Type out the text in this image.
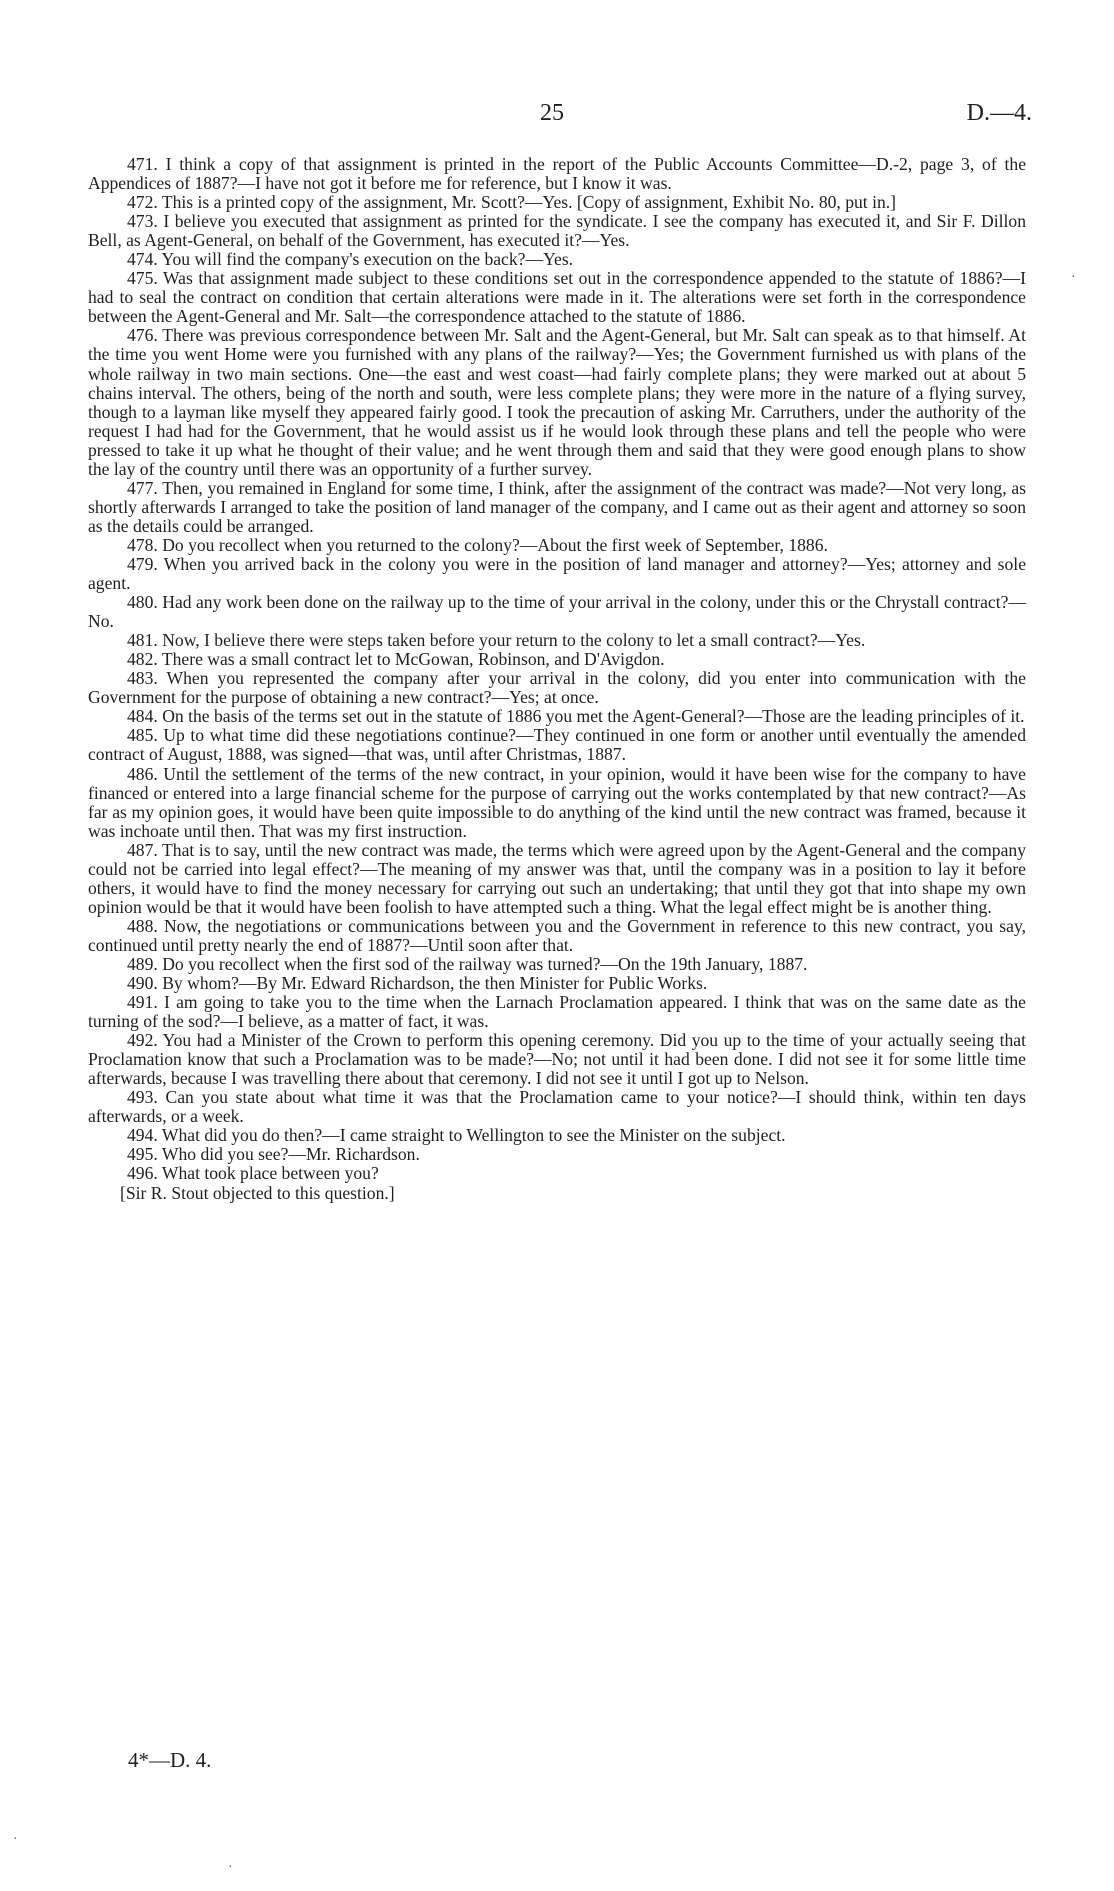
25	D.—4.

471. I think a copy of that assignment is printed in the report of the Public Accounts Committee—D.-2, page 3, of the Appendices of 1887?—I have not got it before me for reference, but I know it was.

472. This is a printed copy of the assignment, Mr. Scott?—Yes. [Copy of assignment, Exhibit No. 80, put in.]

473. I believe you executed that assignment as printed for the syndicate. I see the company has executed it, and Sir F. Dillon Bell, as Agent-General, on behalf of the Government, has executed it?—Yes.

474. You will find the company's execution on the back?—Yes.

475. Was that assignment made subject to these conditions set out in the correspondence appended to the statute of 1886?—I had to seal the contract on condition that certain alterations were made in it. The alterations were set forth in the correspondence between the Agent-General and Mr. Salt—the correspondence attached to the statute of 1886.

476. There was previous correspondence between Mr. Salt and the Agent-General, but Mr. Salt can speak as to that himself. At the time you went Home were you furnished with any plans of the railway?—Yes; the Government furnished us with plans of the whole railway in two main sections. One—the east and west coast—had fairly complete plans; they were marked out at about 5 chains interval. The others, being of the north and south, were less complete plans; they were more in the nature of a flying survey, though to a layman like myself they appeared fairly good. I took the precaution of asking Mr. Carruthers, under the authority of the request I had had for the Government, that he would assist us if he would look through these plans and tell the people who were pressed to take it up what he thought of their value; and he went through them and said that they were good enough plans to show the lay of the country until there was an opportunity of a further survey.

477. Then, you remained in England for some time, I think, after the assignment of the contract was made?—Not very long, as shortly afterwards I arranged to take the position of land manager of the company, and I came out as their agent and attorney so soon as the details could be arranged.

478. Do you recollect when you returned to the colony?—About the first week of September, 1886.

479. When you arrived back in the colony you were in the position of land manager and attorney?—Yes; attorney and sole agent.

480. Had any work been done on the railway up to the time of your arrival in the colony, under this or the Chrystall contract?—No.

481. Now, I believe there were steps taken before your return to the colony to let a small contract?—Yes.

482. There was a small contract let to McGowan, Robinson, and D'Avigdon.

483. When you represented the company after your arrival in the colony, did you enter into communication with the Government for the purpose of obtaining a new contract?—Yes; at once.

484. On the basis of the terms set out in the statute of 1886 you met the Agent-General?—Those are the leading principles of it.

485. Up to what time did these negotiations continue?—They continued in one form or another until eventually the amended contract of August, 1888, was signed—that was, until after Christmas, 1887.

486. Until the settlement of the terms of the new contract, in your opinion, would it have been wise for the company to have financed or entered into a large financial scheme for the purpose of carrying out the works contemplated by that new contract?—As far as my opinion goes, it would have been quite impossible to do anything of the kind until the new contract was framed, because it was inchoate until then. That was my first instruction.

487. That is to say, until the new contract was made, the terms which were agreed upon by the Agent-General and the company could not be carried into legal effect?—The meaning of my answer was that, until the company was in a position to lay it before others, it would have to find the money necessary for carrying out such an undertaking; that until they got that into shape my own opinion would be that it would have been foolish to have attempted such a thing. What the legal effect might be is another thing.

488. Now, the negotiations or communications between you and the Government in reference to this new contract, you say, continued until pretty nearly the end of 1887?—Until soon after that.

489. Do you recollect when the first sod of the railway was turned?—On the 19th January, 1887.

490. By whom?—By Mr. Edward Richardson, the then Minister for Public Works.

491. I am going to take you to the time when the Larnach Proclamation appeared. I think that was on the same date as the turning of the sod?—I believe, as a matter of fact, it was.

492. You had a Minister of the Crown to perform this opening ceremony. Did you up to the time of your actually seeing that Proclamation know that such a Proclamation was to be made?—No; not until it had been done. I did not see it for some little time afterwards, because I was travelling there about that ceremony. I did not see it until I got up to Nelson.

493. Can you state about what time it was that the Proclamation came to your notice?—I should think, within ten days afterwards, or a week.

494. What did you do then?—I came straight to Wellington to see the Minister on the subject.

495. Who did you see?—Mr. Richardson.

496. What took place between you?

[Sir R. Stout objected to this question.]

4*—D. 4.
·
·
·
